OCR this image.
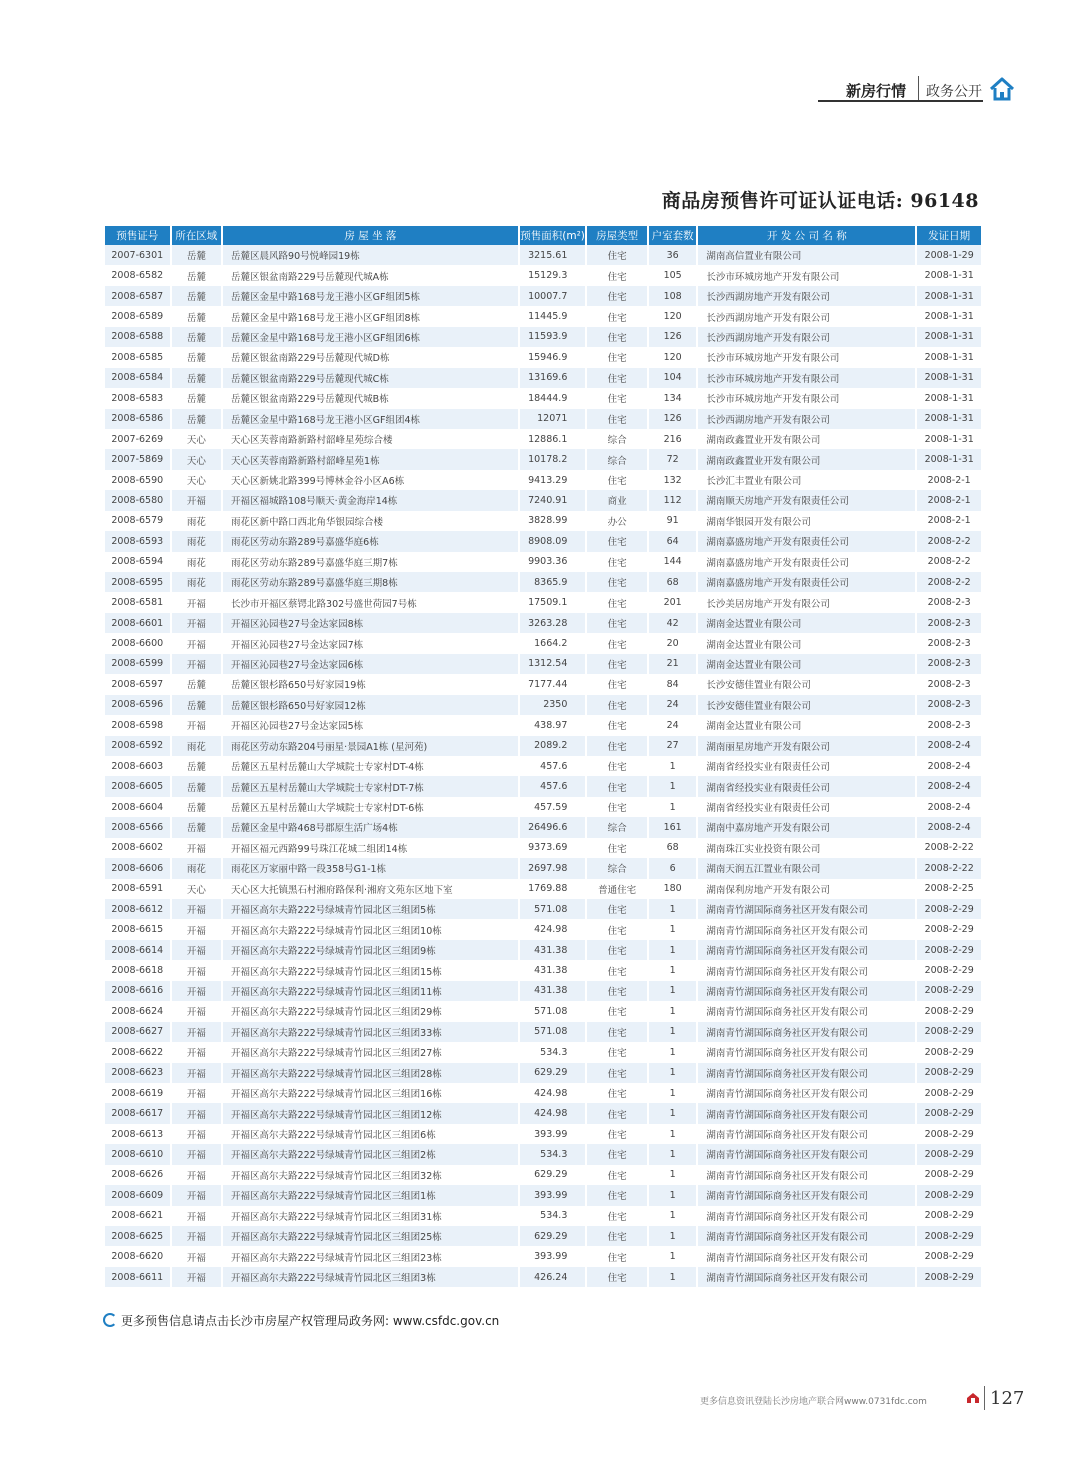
新房行情 政务公开
商品房预售许可证认证电话: 96148
预售证号	所在区域	房 屋 坐 落	预售面积(m²)	房屋类型	户室套数	开 发 公 司 名 称	发证日期
2007-6301	岳麓	岳麓区晨风路90号悦峰园19栋	3215.61	住宅	36	湖南高信置业有限公司	2008-1-29
2008-6582	岳麓	岳麓区银盆南路229号岳麓现代城A栋	15129.3	住宅	105	长沙市环城房地产开发有限公司	2008-1-31
2008-6587	岳麓	岳麓区金星中路168号龙王港小区GF组团5栋	10007.7	住宅	108	长沙西湖房地产开发有限公司	2008-1-31
2008-6589	岳麓	岳麓区金星中路168号龙王港小区GF组团8栋	11445.9	住宅	120	长沙西湖房地产开发有限公司	2008-1-31
2008-6588	岳麓	岳麓区金星中路168号龙王港小区GF组团6栋	11593.9	住宅	126	长沙西湖房地产开发有限公司	2008-1-31
2008-6585	岳麓	岳麓区银盆南路229号岳麓现代城D栋	15946.9	住宅	120	长沙市环城房地产开发有限公司	2008-1-31
2008-6584	岳麓	岳麓区银盆南路229号岳麓现代城C栋	13169.6	住宅	104	长沙市环城房地产开发有限公司	2008-1-31
2008-6583	岳麓	岳麓区银盆南路229号岳麓现代城B栋	18444.9	住宅	134	长沙市环城房地产开发有限公司	2008-1-31
2008-6586	岳麓	岳麓区金星中路168号龙王港小区GF组团4栋	12071	住宅	126	长沙西湖房地产开发有限公司	2008-1-31
2007-6269	天心	天心区芙蓉南路新路村韶峰星苑综合楼	12886.1	综合	216	湖南政鑫置业开发有限公司	2008-1-31
2007-5869	天心	天心区芙蓉南路新路村韶峰星苑1栋	10178.2	综合	72	湖南政鑫置业开发有限公司	2008-1-31
2008-6590	天心	天心区新姚北路399号博林金谷小区A6栋	9413.29	住宅	132	长沙汇丰置业有限公司	2008-2-1
2008-6580	开福	开福区福城路108号顺天·黄金海岸14栋	7240.91	商业	112	湖南顺天房地产开发有限责任公司	2008-2-1
2008-6579	雨花	雨花区新中路口西北角华银园综合楼	3828.99	办公	91	湖南华银园开发有限公司	2008-2-1
2008-6593	雨花	雨花区劳动东路289号嘉盛华庭6栋	8908.09	住宅	64	湖南嘉盛房地产开发有限责任公司	2008-2-2
2008-6594	雨花	雨花区劳动东路289号嘉盛华庭三期7栋	9903.36	住宅	144	湖南嘉盛房地产开发有限责任公司	2008-2-2
2008-6595	雨花	雨花区劳动东路289号嘉盛华庭三期8栋	8365.9	住宅	68	湖南嘉盛房地产开发有限责任公司	2008-2-2
2008-6581	开福	长沙市开福区蔡锷北路302号盛世荷园7号栋	17509.1	住宅	201	长沙美居房地产开发有限公司	2008-2-3
2008-6601	开福	开福区沁园巷27号金达家园8栋	3263.28	住宅	42	湖南金达置业有限公司	2008-2-3
2008-6600	开福	开福区沁园巷27号金达家园7栋	1664.2	住宅	20	湖南金达置业有限公司	2008-2-3
2008-6599	开福	开福区沁园巷27号金达家园6栋	1312.54	住宅	21	湖南金达置业有限公司	2008-2-3
2008-6597	岳麓	岳麓区银杉路650号好家园19栋	7177.44	住宅	84	长沙安德佳置业有限公司	2008-2-3
2008-6596	岳麓	岳麓区银杉路650号好家园12栋	2350	住宅	24	长沙安德佳置业有限公司	2008-2-3
2008-6598	开福	开福区沁园巷27号金达家园5栋	438.97	住宅	24	湖南金达置业有限公司	2008-2-3
2008-6592	雨花	雨花区劳动东路204号丽星·景园A1栋 (星河苑)	2089.2	住宅	27	湖南丽星房地产开发有限公司	2008-2-4
2008-6603	岳麓	岳麓区五星村岳麓山大学城院士专家村DT-4栋	457.6	住宅	1	湖南省经投实业有限责任公司	2008-2-4
2008-6605	岳麓	岳麓区五星村岳麓山大学城院士专家村DT-7栋	457.6	住宅	1	湖南省经投实业有限责任公司	2008-2-4
2008-6604	岳麓	岳麓区五星村岳麓山大学城院士专家村DT-6栋	457.59	住宅	1	湖南省经投实业有限责任公司	2008-2-4
2008-6566	岳麓	岳麓区金星中路468号郡原生活广场4栋	26496.6	综合	161	湖南中嘉房地产开发有限公司	2008-2-4
2008-6602	开福	开福区福元西路99号珠江花城二组团14栋	9373.69	住宅	68	湖南珠江实业投资有限公司	2008-2-22
2008-6606	雨花	雨花区万家丽中路一段358号G1-1栋	2697.98	综合	6	湖南天润五江置业有限公司	2008-2-22
2008-6591	天心	天心区大托镇黑石村湘府路保利·湘府文苑东区地下室	1769.88	普通住宅	180	湖南保利房地产开发有限公司	2008-2-25
2008-6612	开福	开福区高尔夫路222号绿城青竹园北区三组团5栋	571.08	住宅	1	湖南青竹湖国际商务社区开发有限公司	2008-2-29
2008-6615	开福	开福区高尔夫路222号绿城青竹园北区三组团10栋	424.98	住宅	1	湖南青竹湖国际商务社区开发有限公司	2008-2-29
2008-6614	开福	开福区高尔夫路222号绿城青竹园北区三组团9栋	431.38	住宅	1	湖南青竹湖国际商务社区开发有限公司	2008-2-29
2008-6618	开福	开福区高尔夫路222号绿城青竹园北区三组团15栋	431.38	住宅	1	湖南青竹湖国际商务社区开发有限公司	2008-2-29
2008-6616	开福	开福区高尔夫路222号绿城青竹园北区三组团11栋	431.38	住宅	1	湖南青竹湖国际商务社区开发有限公司	2008-2-29
2008-6624	开福	开福区高尔夫路222号绿城青竹园北区三组团29栋	571.08	住宅	1	湖南青竹湖国际商务社区开发有限公司	2008-2-29
2008-6627	开福	开福区高尔夫路222号绿城青竹园北区三组团33栋	571.08	住宅	1	湖南青竹湖国际商务社区开发有限公司	2008-2-29
2008-6622	开福	开福区高尔夫路222号绿城青竹园北区三组团27栋	534.3	住宅	1	湖南青竹湖国际商务社区开发有限公司	2008-2-29
2008-6623	开福	开福区高尔夫路222号绿城青竹园北区三组团28栋	629.29	住宅	1	湖南青竹湖国际商务社区开发有限公司	2008-2-29
2008-6619	开福	开福区高尔夫路222号绿城青竹园北区三组团16栋	424.98	住宅	1	湖南青竹湖国际商务社区开发有限公司	2008-2-29
2008-6617	开福	开福区高尔夫路222号绿城青竹园北区三组团12栋	424.98	住宅	1	湖南青竹湖国际商务社区开发有限公司	2008-2-29
2008-6613	开福	开福区高尔夫路222号绿城青竹园北区三组团6栋	393.99	住宅	1	湖南青竹湖国际商务社区开发有限公司	2008-2-29
2008-6610	开福	开福区高尔夫路222号绿城青竹园北区三组团2栋	534.3	住宅	1	湖南青竹湖国际商务社区开发有限公司	2008-2-29
2008-6626	开福	开福区高尔夫路222号绿城青竹园北区三组团32栋	629.29	住宅	1	湖南青竹湖国际商务社区开发有限公司	2008-2-29
2008-6609	开福	开福区高尔夫路222号绿城青竹园北区三组团1栋	393.99	住宅	1	湖南青竹湖国际商务社区开发有限公司	2008-2-29
2008-6621	开福	开福区高尔夫路222号绿城青竹园北区三组团31栋	534.3	住宅	1	湖南青竹湖国际商务社区开发有限公司	2008-2-29
2008-6625	开福	开福区高尔夫路222号绿城青竹园北区三组团25栋	629.29	住宅	1	湖南青竹湖国际商务社区开发有限公司	2008-2-29
2008-6620	开福	开福区高尔夫路222号绿城青竹园北区三组团23栋	393.99	住宅	1	湖南青竹湖国际商务社区开发有限公司	2008-2-29
2008-6611	开福	开福区高尔夫路222号绿城青竹园北区三组团3栋	426.24	住宅	1	湖南青竹湖国际商务社区开发有限公司	2008-2-29
更多预售信息请点击长沙市房屋产权管理局政务网: www.csfdc.gov.cn
更多信息资讯登陆长沙房地产联合网www.0731fdc.com	127
